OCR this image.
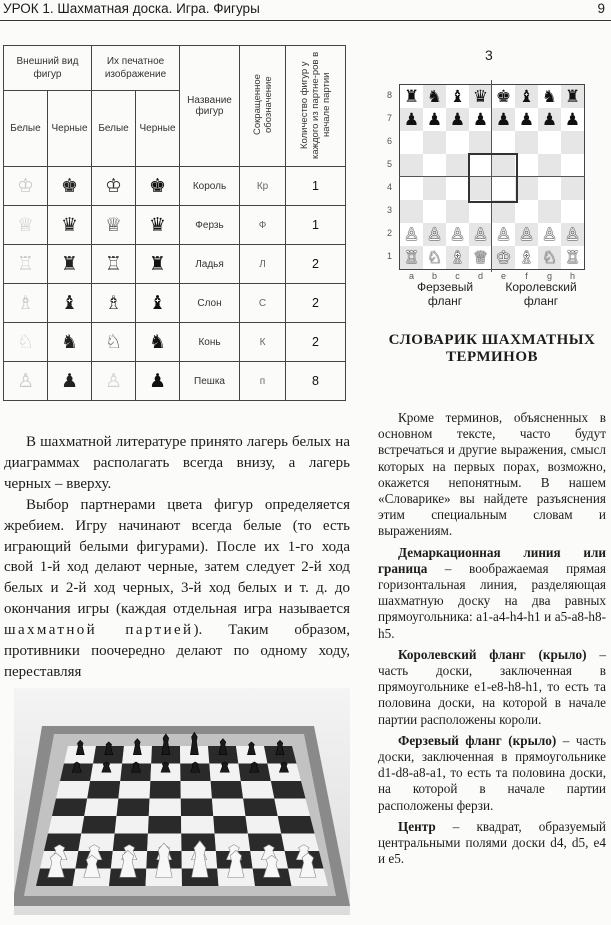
УРОК 1. Шахматная доска. Игра. Фигуры	9
Внешний вид фигур		Их печатное изображение		Название фигур	Сокращенное обозначение	Количество фигур у каждого из партне-ров в начале партии
Белые	Черные	Белые	Черные			
♔	♚	♔	♚	Король	Кр	1
♕	♛	♕	♛	Ферзь	Ф	1
♖	♜	♖	♜	Ладья	Л	2
♗	♝	♗	♝	Слон	С	2
♘	♞	♘	♞	Конь	К	2
♙	♟	♙	♟	Пешка	п	8
3
♜ ♞ ♝ ♛ ♚ ♝ ♞ ♜
♟ ♟ ♟ ♟ ♟ ♟ ♟ ♟
♙ ♙ ♙ ♙ ♙ ♙ ♙ ♙
♖ ♘ ♗ ♕ ♔ ♗ ♘ ♖
8
7
6
5
4
3
2
1
a	b	c	d	e	f	g	h
Ферзевый фланг
Королевский фланг
СЛОВАРИК ШАХМАТНЫХ ТЕРМИНОВ

Кроме терминов, объясненных в основном тексте, часто будут встречаться и другие выражения, смысл которых на первых порах, возможно, окажется непонятным. В нашем «Словарике» вы найдете разъяснения этим специальным словам и выражениям.

Демаркационная линия или граница – воображаемая прямая горизонтальная линия, разделяющая шахматную доску на два равных прямоугольника: a1-a4-h4-h1 и a5-a8-h8-h5.

Королевский фланг (крыло) – часть доски, заключенная в прямоугольнике e1-e8-h8-h1, то есть та половина доски, на которой в начале партии расположены короли.

Ферзевый фланг (крыло) – часть доски, заключенная в прямоугольнике d1-d8-a8-a1, то есть та половина доски, на которой в начале партии расположены ферзи.

Центр – квадрат, образуемый центральными полями доски d4, d5, e4 и e5.

В шахматной литературе принято лагерь белых на диаграммах располагать всегда внизу, а лагерь черных – вверху.

Выбор партнерами цвета фигур определяется жребием. Игру начинают всегда белые (то есть играющий белыми фигурами). После их 1-го хода свой 1-й ход делают черные, затем следует 2-й ход белых и 2-й ход черных, 3-й ход белых и т. д. до окончания игры (каждая отдельная игра называется шахматной партией). Таким образом, противники поочередно делают по одному ходу, переставляя
